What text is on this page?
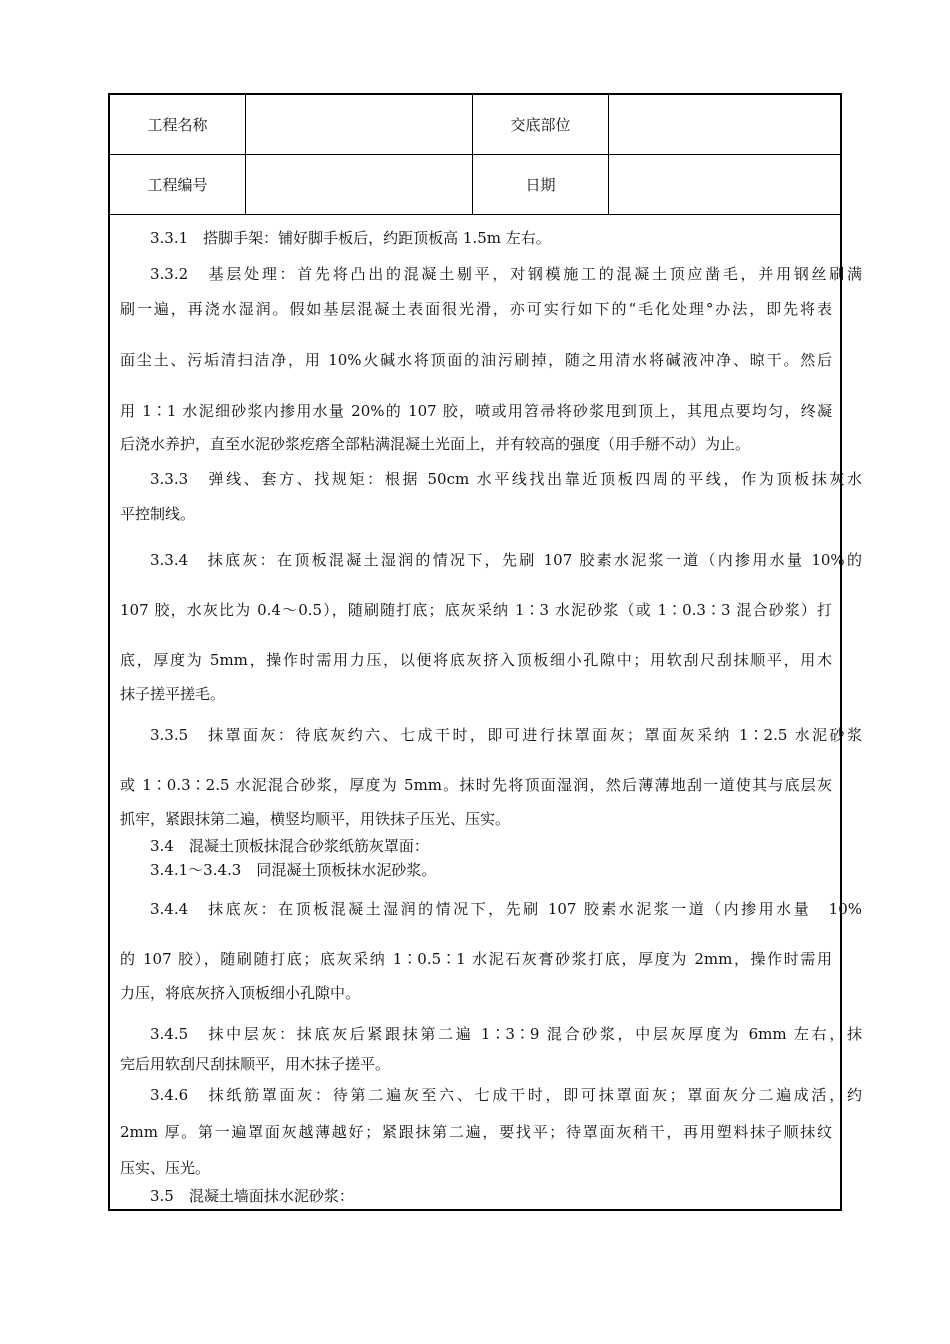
工程名称	交底部位
工程编号	日期
3.3.1　搭脚手架：铺好脚手板后，约距顶板高 1.5m 左右。
3.3.2　基层处理：首先将凸出的混凝土剔平，对钢模施工的混凝土顶应凿毛，并用钢丝刷满
刷一遍，再浇水湿润。假如基层混凝土表面很光滑，亦可实行如下的“毛化处理°办法，即先将表
面尘土、污垢清扫洁净，用 10%火碱水将顶面的油污刷掉，随之用清水将碱液冲净、晾干。然后
用 1∶1 水泥细砂浆内掺用水量 20%的 107 胶，喷或用笤帚将砂浆甩到顶上，其甩点要均匀，终凝
后浇水养护，直至水泥砂浆疙瘩全部粘满混凝土光面上，并有较高的强度（用手掰不动）为止。
3.3.3　弹线、套方、找规矩：根据 50cm 水平线找出靠近顶板四周的平线，作为顶板抹灰水
平控制线。
3.3.4　抹底灰：在顶板混凝土湿润的情况下，先刷 107 胶素水泥浆一道（内掺用水量 10%的
107 胶，水灰比为 0.4～0.5），随刷随打底；底灰采纳 1∶3 水泥砂浆（或 1∶0.3∶3 混合砂浆）打
底，厚度为 5mm，操作时需用力压，以便将底灰挤入顶板细小孔隙中；用软刮尺刮抹顺平，用木
抹子搓平搓毛。
3.3.5　抹罩面灰：待底灰约六、七成干时，即可进行抹罩面灰；罩面灰采纳 1∶2.5 水泥砂浆
或 1∶0.3∶2.5 水泥混合砂浆，厚度为 5mm。抹时先将顶面湿润，然后薄薄地刮一道使其与底层灰
抓牢，紧跟抹第二遍，横竖均顺平，用铁抹子压光、压实。
3.4　混凝土顶板抹混合砂浆纸筋灰罩面：
3.4.1～3.4.3　同混凝土顶板抹水泥砂浆。
3.4.4　抹底灰：在顶板混凝土湿润的情况下，先刷 107 胶素水泥浆一道（内掺用水量　10%
的 107 胶），随刷随打底；底灰采纳 1∶0.5∶1 水泥石灰膏砂浆打底，厚度为 2mm，操作时需用
力压，将底灰挤入顶板细小孔隙中。
3.4.5　抹中层灰：抹底灰后紧跟抹第二遍 1∶3∶9 混合砂浆，中层灰厚度为 6mm 左右，抹
完后用软刮尺刮抹顺平，用木抹子搓平。
3.4.6　抹纸筋罩面灰：待第二遍灰至六、七成干时，即可抹罩面灰；罩面灰分二遍成活，约
2mm 厚。第一遍罩面灰越薄越好；紧跟抹第二遍，要找平；待罩面灰稍干，再用塑料抹子顺抹纹
压实、压光。
3.5　混凝土墙面抹水泥砂浆：
